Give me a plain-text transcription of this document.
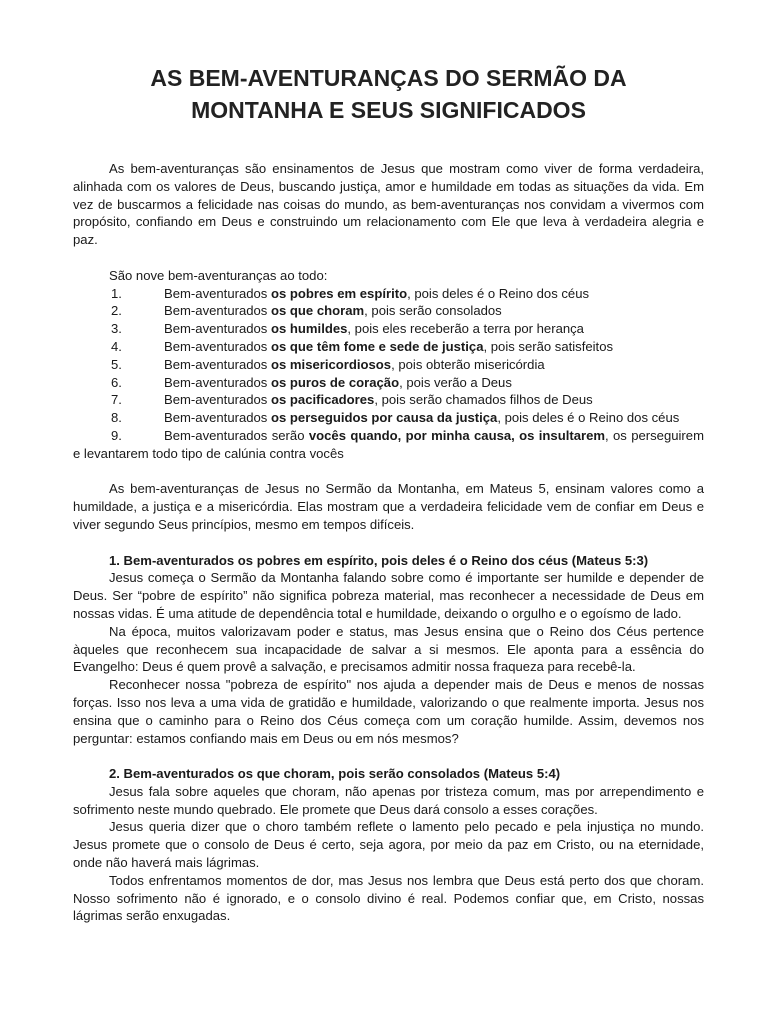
AS BEM-AVENTURANÇAS DO SERMÃO DA
MONTANHA E SEUS SIGNIFICADOS

As bem-aventuranças são ensinamentos de Jesus que mostram como viver de forma verdadeira, alinhada com os valores de Deus, buscando justiça, amor e humildade em todas as situações da vida. Em vez de buscarmos a felicidade nas coisas do mundo, as bem-aventuranças nos convidam a vivermos com propósito, confiando em Deus e construindo um relacionamento com Ele que leva à verdadeira alegria e paz.

São nove bem-aventuranças ao todo:

1.	Bem-aventurados os pobres em espírito, pois deles é o Reino dos céus
2.	Bem-aventurados os que choram, pois serão consolados
3.	Bem-aventurados os humildes, pois eles receberão a terra por herança
4.	Bem-aventurados os que têm fome e sede de justiça, pois serão satisfeitos
5.	Bem-aventurados os misericordiosos, pois obterão misericórdia
6.	Bem-aventurados os puros de coração, pois verão a Deus
7.	Bem-aventurados os pacificadores, pois serão chamados filhos de Deus
8.	Bem-aventurados os perseguidos por causa da justiça, pois deles é o Reino dos céus
9.	Bem-aventurados serão vocês quando, por minha causa, os insultarem, os perseguirem e levantarem todo tipo de calúnia contra vocês

As bem-aventuranças de Jesus no Sermão da Montanha, em Mateus 5, ensinam valores como a humildade, a justiça e a misericórdia. Elas mostram que a verdadeira felicidade vem de confiar em Deus e viver segundo Seus princípios, mesmo em tempos difíceis.

1. Bem-aventurados os pobres em espírito, pois deles é o Reino dos céus (Mateus 5:3)

Jesus começa o Sermão da Montanha falando sobre como é importante ser humilde e depender de Deus. Ser “pobre de espírito” não significa pobreza material, mas reconhecer a necessidade de Deus em nossas vidas. É uma atitude de dependência total e humildade, deixando o orgulho e o egoísmo de lado.

Na época, muitos valorizavam poder e status, mas Jesus ensina que o Reino dos Céus pertence àqueles que reconhecem sua incapacidade de salvar a si mesmos. Ele aponta para a essência do Evangelho: Deus é quem provê a salvação, e precisamos admitir nossa fraqueza para recebê-la.

Reconhecer nossa "pobreza de espírito" nos ajuda a depender mais de Deus e menos de nossas forças. Isso nos leva a uma vida de gratidão e humildade, valorizando o que realmente importa. Jesus nos ensina que o caminho para o Reino dos Céus começa com um coração humilde. Assim, devemos nos perguntar: estamos confiando mais em Deus ou em nós mesmos?

2. Bem-aventurados os que choram, pois serão consolados (Mateus 5:4)

Jesus fala sobre aqueles que choram, não apenas por tristeza comum, mas por arrependimento e sofrimento neste mundo quebrado. Ele promete que Deus dará consolo a esses corações.

Jesus queria dizer que o choro também reflete o lamento pelo pecado e pela injustiça no mundo. Jesus promete que o consolo de Deus é certo, seja agora, por meio da paz em Cristo, ou na eternidade, onde não haverá mais lágrimas.

Todos enfrentamos momentos de dor, mas Jesus nos lembra que Deus está perto dos que choram. Nosso sofrimento não é ignorado, e o consolo divino é real. Podemos confiar que, em Cristo, nossas lágrimas serão enxugadas.
